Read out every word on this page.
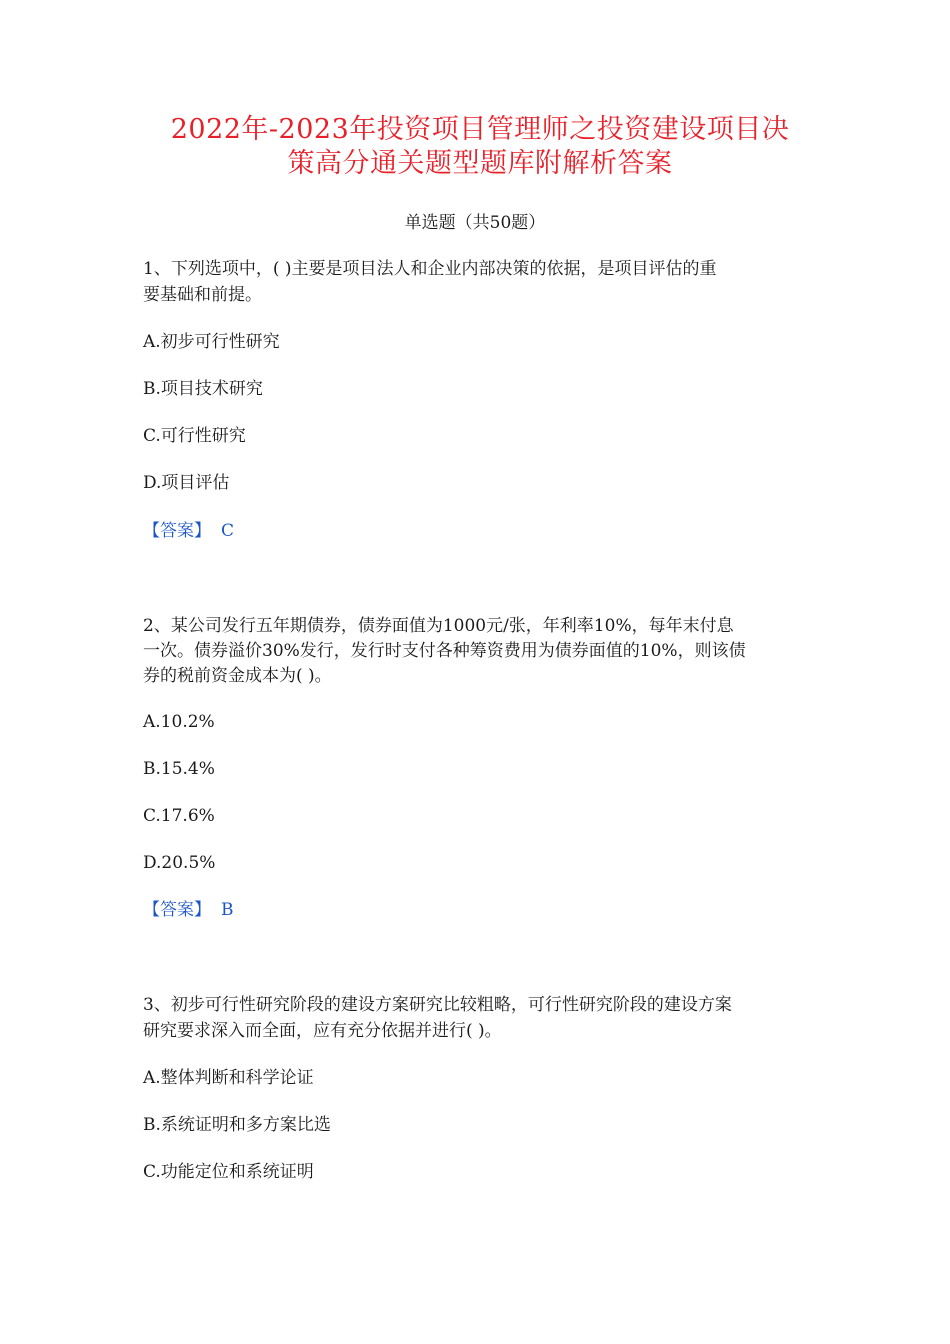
2022年-2023年投资项目管理师之投资建设项目决
策高分通关题型题库附解析答案
单选题（共50题）
1、下列选项中，( )主要是项目法人和企业内部决策的依据，是项目评估的重
要基础和前提。
A.初步可行性研究
B.项目技术研究
C.可行性研究
D.项目评估
【答案】 C
2、某公司发行五年期债券，债券面值为1000元/张，年利率10%，每年末付息
一次。债券溢价30%发行，发行时支付各种筹资费用为债券面值的10%，则该债
券的税前资金成本为( )。
A.10.2%
B.15.4%
C.17.6%
D.20.5%
【答案】 B
3、初步可行性研究阶段的建设方案研究比较粗略，可行性研究阶段的建设方案
研究要求深入而全面，应有充分依据并进行( )。
A.整体判断和科学论证
B.系统证明和多方案比选
C.功能定位和系统证明
